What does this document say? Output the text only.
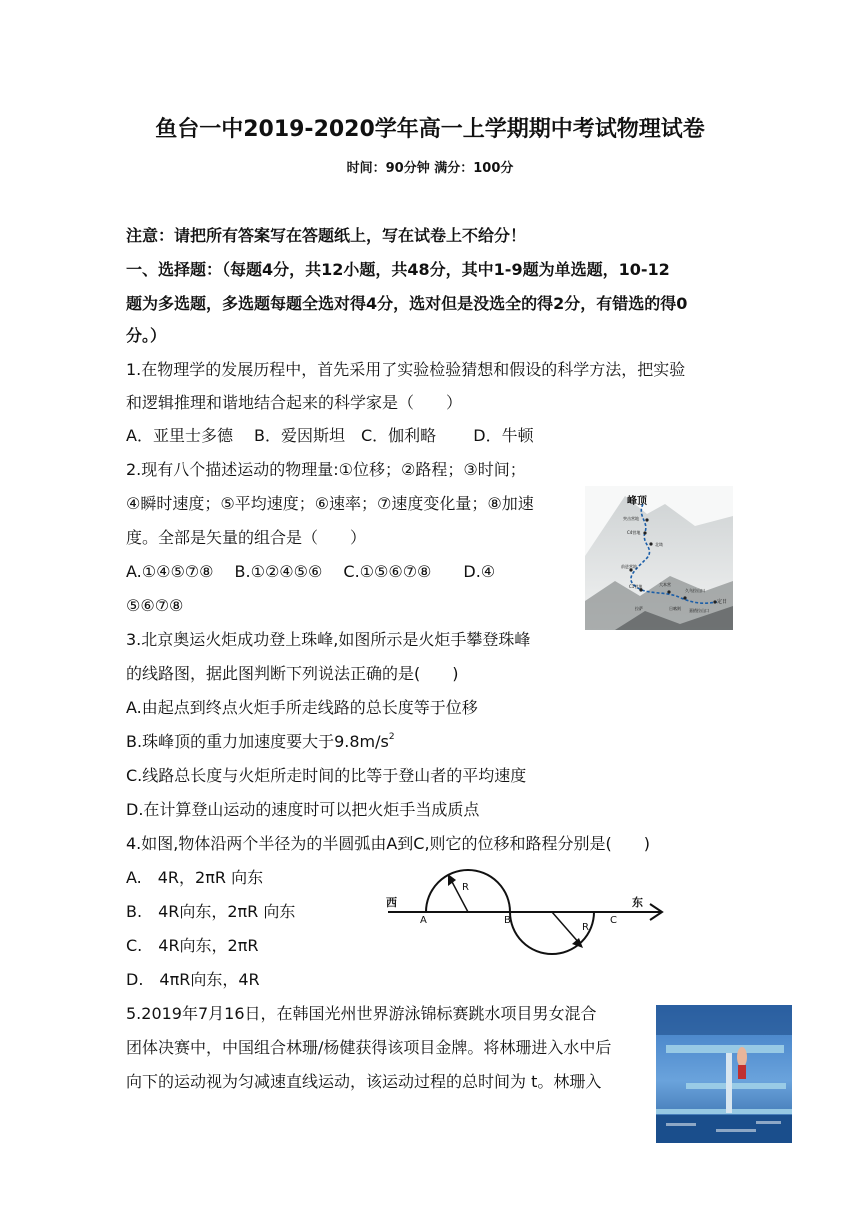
鱼台一中2019-2020学年高一上学期期中考试物理试卷
时间：90分钟 满分：100分
注意：请把所有答案写在答题纸上，写在试卷上不给分！
一、选择题：（每题4分，共12小题，共48分，其中1-9题为单选题，10-12
题为多选题，多选题每题全选对得4分，选对但是没选全的得2分，有错选的得0
分。）
1.在物理学的发展历程中，首先采用了实验检验猜想和假设的科学方法，把实验
和逻辑推理和谐地结合起来的科学家是（　　）
A．亚里士多德　 B．爱因斯坦　C．伽利略　　 D．牛顿
2.现有八个描述运动的物理量:①位移；②路程；③时间；
④瞬时速度；⑤平均速度；⑥速率；⑦速度变化量；⑧加速
度。全部是矢量的组合是（　　）
A.①④⑤⑦⑧　 B.①②④⑤⑥　 C.①⑤⑥⑦⑧　　D.④
⑤⑥⑦⑧
峰顶
突击营地
C4营地
北坳
前进营地
C1营地	大本营
久乌拉山口
定日
拉萨	日喀则 嘉措拉山口
3.北京奥运火炬成功登上珠峰,如图所示是火炬手攀登珠峰
的线路图，据此图判断下列说法正确的是(　　)
A.由起点到终点火炬手所走线路的总长度等于位移
B.珠峰顶的重力加速度要大于$9.8m/s^2$
C.线路总长度与火炬所走时间的比等于登山者的平均速度
D.在计算登山运动的速度时可以把火炬手当成质点
4.如图,物体沿两个半径为的半圆弧由A到C,则它的位移和路程分别是(　　)
A.　4R，2πR 向东
B.　4R向东，2πR 向东
C.　4R向东，2πR
D.　4πR向东，4R
西	东
A	B	C
R
R
5.2019年7月16日，在韩国光州世界游泳锦标赛跳水项目男女混合
团体决赛中，中国组合林珊/杨健获得该项目金牌。将林珊进入水中后
向下的运动视为匀减速直线运动，该运动过程的总时间为 t。林珊入
